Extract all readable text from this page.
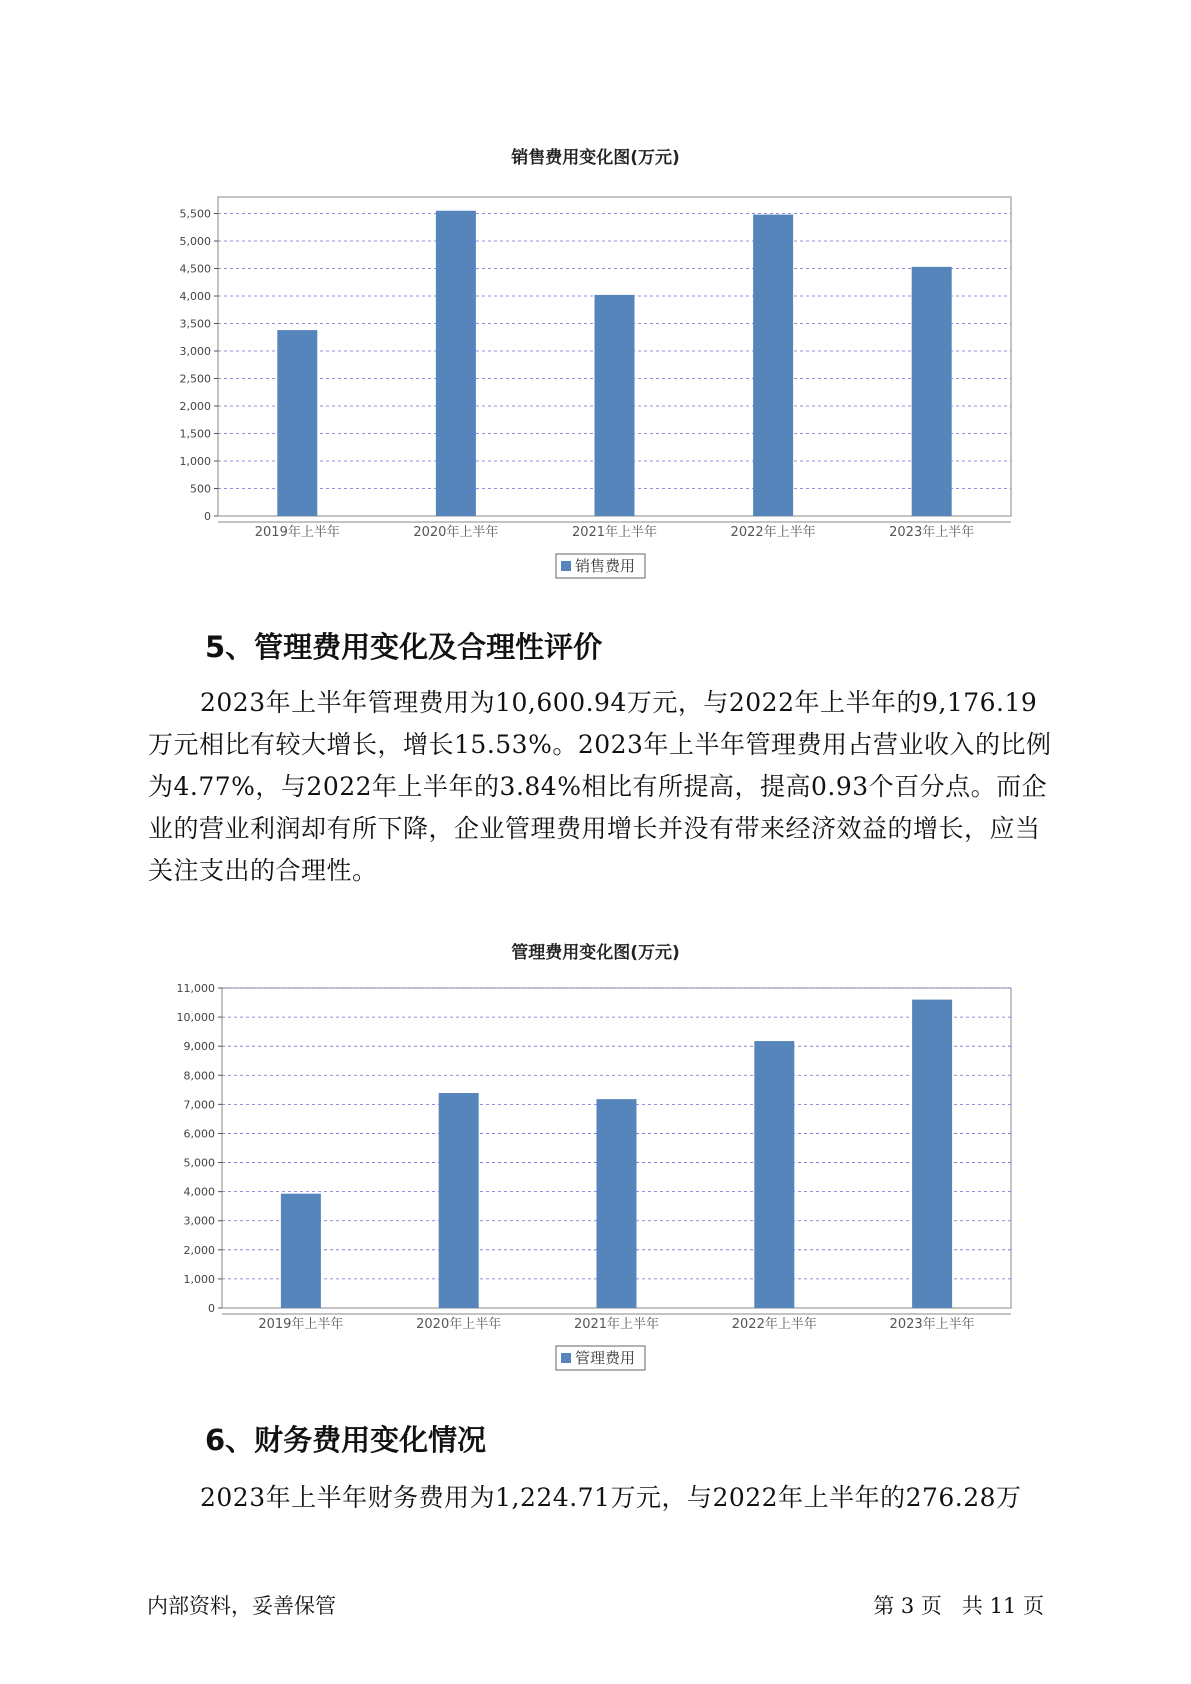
销售费用变化图(万元)
0
500
1,000
1,500
2,000
2,500
3,000
3,500
4,000
4,500
5,000
5,500
2019年上半年	2020年上半年	2021年上半年	2022年上半年	2023年上半年
销售费用
5、管理费用变化及合理性评价

2023年上半年管理费用为10,600.94万元，与2022年上半年的9,176.19万元相比有较大增长，增长15.53%。2023年上半年管理费用占营业收入的比例为4.77%，与2022年上半年的3.84%相比有所提高，提高0.93个百分点。而企业的营业利润却有所下降，企业管理费用增长并没有带来经济效益的增长，应当关注支出的合理性。

管理费用变化图(万元)
0
1,000
2,000
3,000
4,000
5,000
6,000
7,000
8,000
9,000
10,000
11,000
2019年上半年	2020年上半年	2021年上半年	2022年上半年	2023年上半年
管理费用
6、财务费用变化情况

2023年上半年财务费用为1,224.71万元，与2022年上半年的276.28万

内部资料，妥善保管	第 3 页   共 11 页
